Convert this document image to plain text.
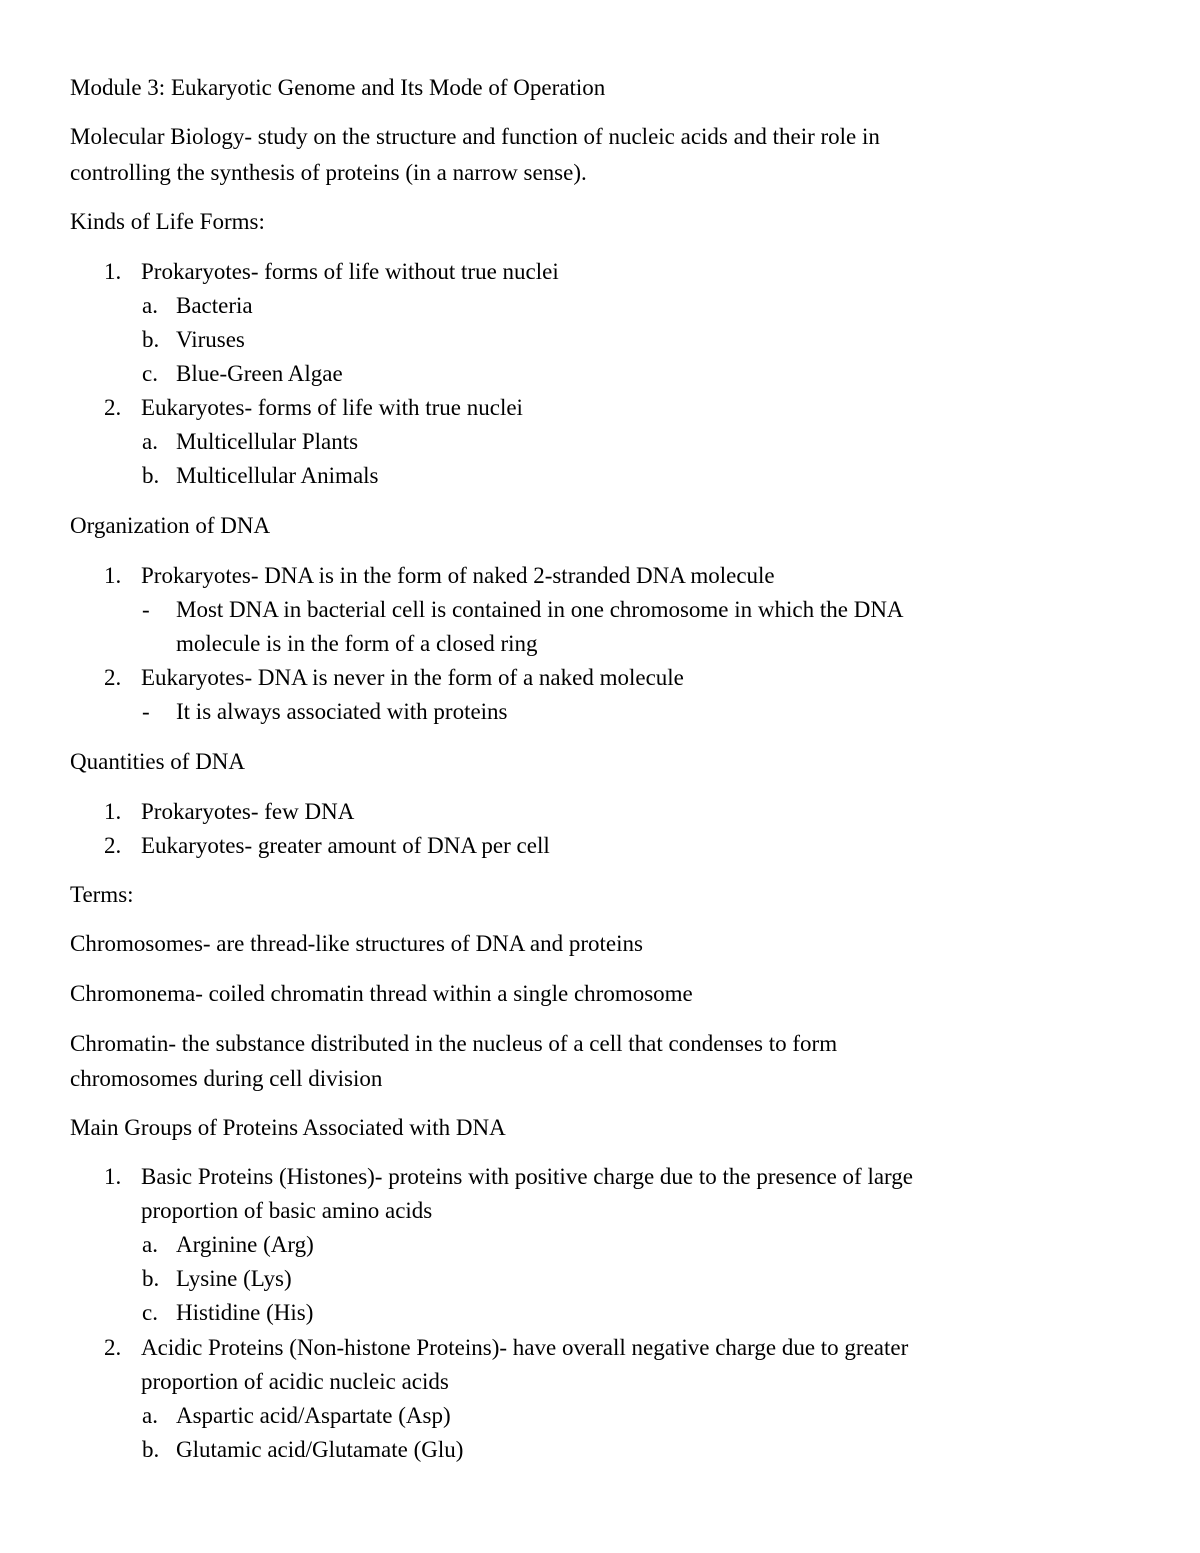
Module 3: Eukaryotic Genome and Its Mode of Operation
Molecular Biology- study on the structure and function of nucleic acids and their role in
controlling the synthesis of proteins (in a narrow sense).
Kinds of Life Forms:
1. Prokaryotes- forms of life without true nuclei
a. Bacteria
b. Viruses
c. Blue-Green Algae
2. Eukaryotes- forms of life with true nuclei
a. Multicellular Plants
b. Multicellular Animals
Organization of DNA
1. Prokaryotes- DNA is in the form of naked 2-stranded DNA molecule
-	Most DNA in bacterial cell is contained in one chromosome in which the DNA
molecule is in the form of a closed ring
2. Eukaryotes- DNA is never in the form of a naked molecule
-	It is always associated with proteins
Quantities of DNA
1. Prokaryotes- few DNA
2. Eukaryotes- greater amount of DNA per cell
Terms:
Chromosomes- are thread-like structures of DNA and proteins
Chromonema- coiled chromatin thread within a single chromosome
Chromatin- the substance distributed in the nucleus of a cell that condenses to form
chromosomes during cell division
Main Groups of Proteins Associated with DNA
1. Basic Proteins (Histones)- proteins with positive charge due to the presence of large
proportion of basic amino acids
a. Arginine (Arg)
b. Lysine (Lys)
c. Histidine (His)
2. Acidic Proteins (Non-histone Proteins)- have overall negative charge due to greater
proportion of acidic nucleic acids
a. Aspartic acid/Aspartate (Asp)
b. Glutamic acid/Glutamate (Glu)
